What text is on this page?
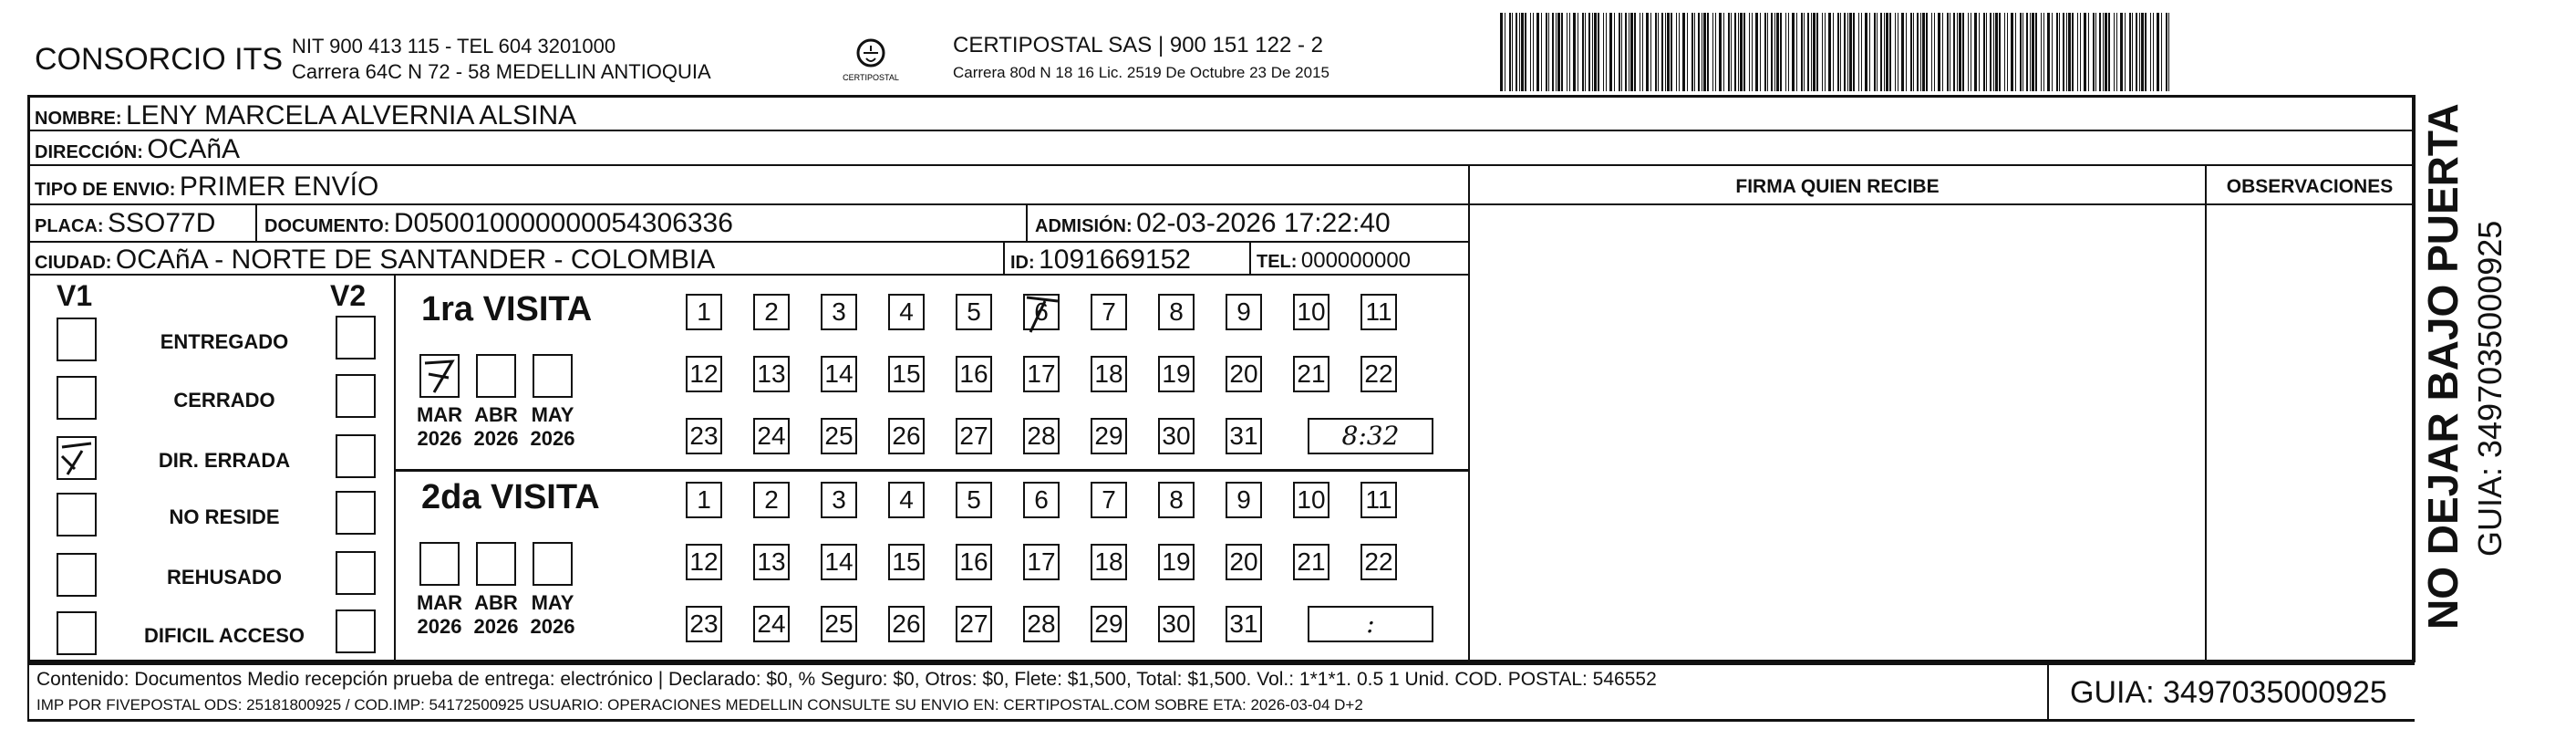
CONSORCIO ITS NIT 900 413 115 - TEL 604 3201000
Carrera 64C N 72 - 58 MEDELLIN ANTIOQUIA	CERTIPOSTAL
CERTIPOSTAL SAS | 900 151 122 - 2
Carrera 80d N 18 16 Lic. 2519 De Octubre 23 De 2015
NOMBRE: LENY MARCELA ALVERNIA ALSINA
DIRECCIÓN: OCAñA
TIPO DE ENVIO: PRIMER ENVÍO
PLACA: SSO77D	DOCUMENTO: D050010000000054306336	ADMISIÓN: 02-03-2026 17:22:40
CIUDAD: OCAñA - NORTE DE SANTANDER - COLOMBIA	ID: 1091669152	TEL: 000000000
FIRMA QUIEN RECIBE	OBSERVACIONES
V1	V2
ENTREGADO
CERRADO
DIR. ERRADA
NO RESIDE
REHUSADO
DIFICIL ACCESO
1ra VISITA
MAR
2026
ABR
2026
MAY
2026
1	2	3	4	5	6	7	8	9	10 11
12 13 14 15 16 17 18 19 20 21 22
23 24 25 26 27 28 29 30 31	8:32
2da VISITA
MAR
2026
ABR
2026
MAY
2026
1	2	3	4	5	6	7	8	9	10 11
12 13 14 15 16 17 18 19 20 21 22
23 24 25 26 27 28 29 30 31	:
Contenido: Documentos Medio recepción prueba de entrega: electrónico | Declarado: $0, % Seguro: $0, Otros: $0, Flete: $1,500, Total: $1,500. Vol.: 1*1*1. 0.5 1 Unid. COD. POSTAL: 546552
IMP POR FIVEPOSTAL ODS: 25181800925 / COD.IMP: 54172500925 USUARIO: OPERACIONES MEDELLIN CONSULTE SU ENVIO EN: CERTIPOSTAL.COM SOBRE ETA: 2026-03-04 D+2	GUIA: 3497035000925
NO DEJAR BAJO PUERTA GUIA: 3497035000925
